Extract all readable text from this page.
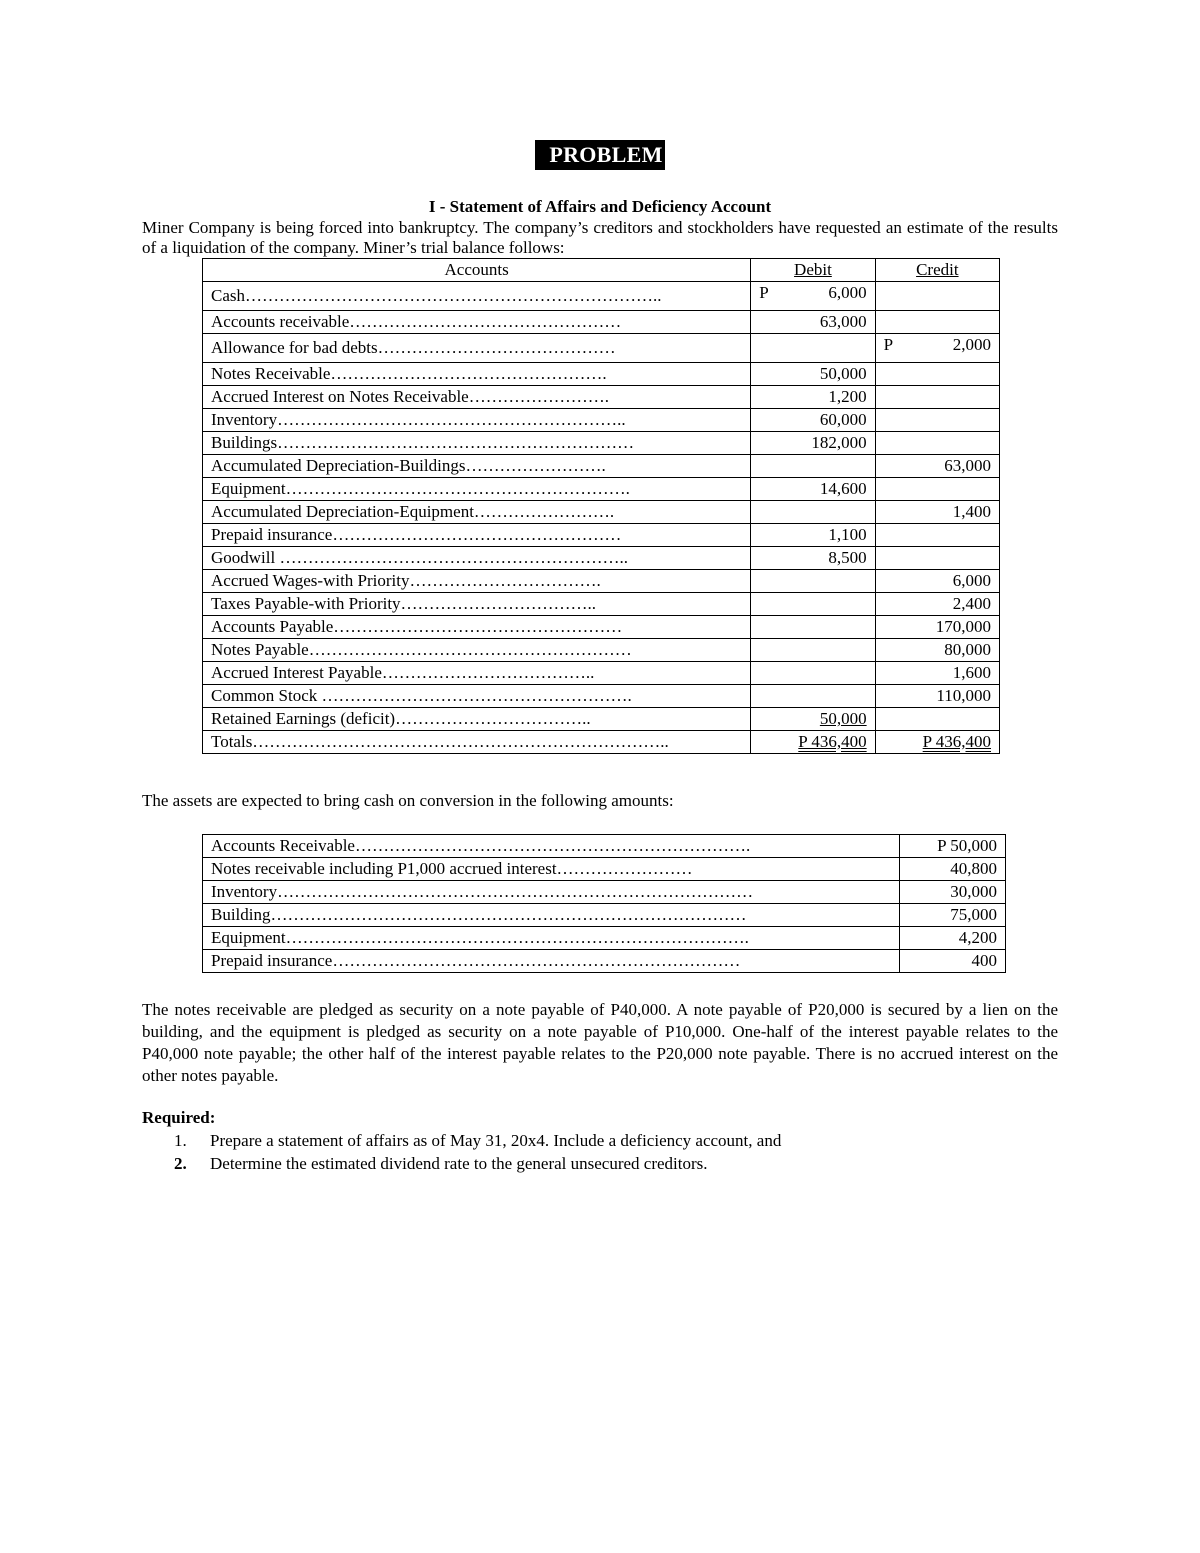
PROBLEM
I - Statement of Affairs and Deficiency Account

Miner Company is being forced into bankruptcy. The company’s creditors and stockholders have requested an estimate of the results of a liquidation of the company. Miner’s trial balance follows:

Accounts	Debit	Credit
Cash………………………………………………………………..	P 6,000	

Accounts receivable…………………………………………	63,000	
Allowance for bad debts……………………………………		P 2,000

Notes Receivable………………………………………….	50,000	
Accrued Interest on Notes Receivable…………………….	1,200	
Inventory……………………………………………………..	60,000	
Buildings………………………………………………………	182,000	
Accumulated Depreciation-Buildings…………………….		63,000
Equipment…………………………………………………….	14,600	
Accumulated Depreciation-Equipment…………………….		1,400
Prepaid insurance……………………………………………	1,100	
Goodwill ……………………………………………………..	8,500	
Accrued Wages-with Priority…………………………….		6,000
Taxes Payable-with Priority……………………………..		2,400
Accounts Payable……………………………………………		170,000
Notes Payable…………………………………………………		80,000
Accrued Interest Payable………………………………..		1,600
Common Stock ……………………………………………….		110,000
Retained Earnings (deficit)……………………………..	50,000	
Totals………………………………………………………………..	P 436,400	P 436,400

The assets are expected to bring cash on conversion in the following amounts:

Accounts Receivable…………………………………………………………….	P 50,000
Notes receivable including P1,000 accrued interest……………………	40,800
Inventory…………………………………………………………………………	30,000
Building…………………………………………………………………………	75,000
Equipment……………………………………………………………………….	4,200
Prepaid insurance………………………………………………………………	400

The notes receivable are pledged as security on a note payable of P40,000. A note payable of P20,000 is secured by a lien on the building, and the equipment is pledged as security on a note payable of P10,000. One-half of the interest payable relates to the P40,000 note payable; the other half of the interest payable relates to the P20,000 note payable. There is no accrued interest on the other notes payable.

Required:
1.	Prepare a statement of affairs as of May 31, 20x4. Include a deficiency account, and
2.	Determine the estimated dividend rate to the general unsecured creditors.
